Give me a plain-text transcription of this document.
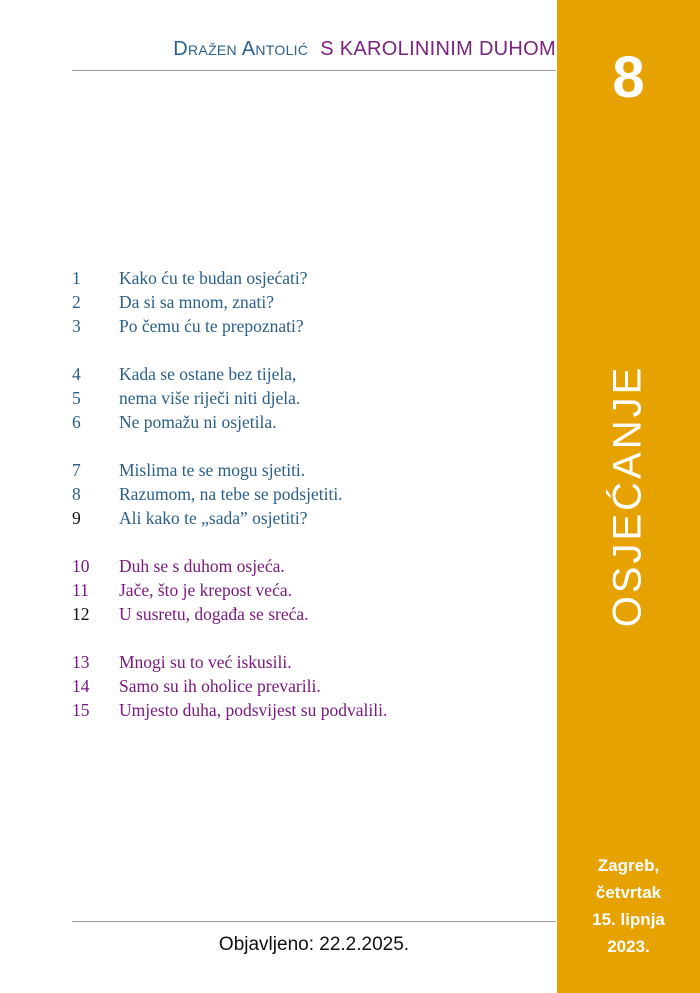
Dražen Antolić S KAROLININIM DUHOM
1	Kako ću te budan osjećati?
2	Da si sa mnom, znati?
3	Po čemu ću te prepoznati?
4	Kada se ostane bez tijela,
5	nema više riječi niti djela.
6	Ne pomažu ni osjetila.
7	Mislima te se mogu sjetiti.
8	Razumom, na tebe se podsjetiti.
9	Ali kako te „sada” osjetiti?
10	Duh se s duhom osjeća.
11	Jače, što je krepost veća.
12	U susretu, događa se sreća.
13	Mnogi su to već iskusili.
14	Samo su ih oholice prevarili.
15	Umjesto duha, podsvijest su podvalili.
Objavljeno: 22.2.2025.
8
OSJEĆANJE
Zagreb,
četvrtak
15. lipnja
2023.
